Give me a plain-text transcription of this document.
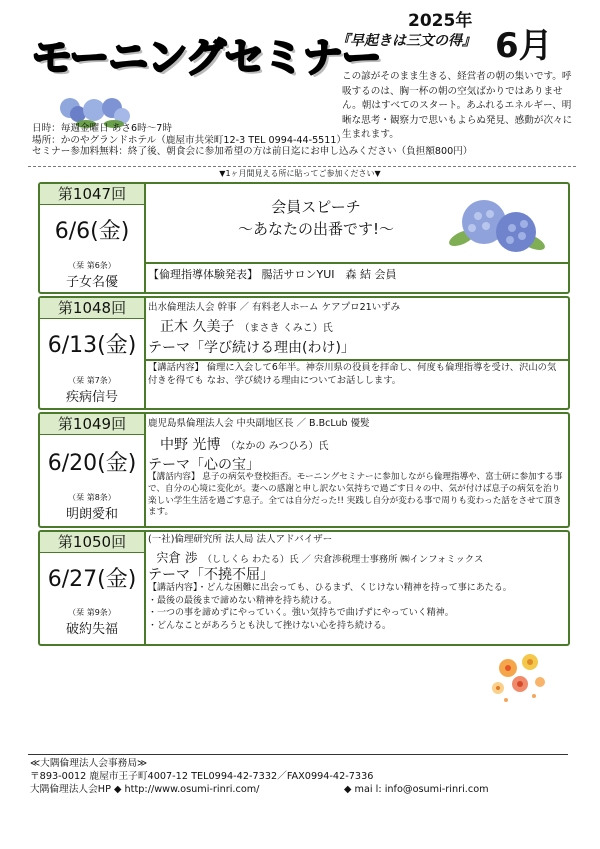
モーニングセミナー
2025年
『早起きは三文の得』 6月
この諺がそのまま生きる、経営者の朝の集いです。呼吸するのは、胸一杯の朝の空気ばかりではありません。朝はすべてのスタート。あふれるエネルギー、明晰な思考・観察力で思いもよらぬ発見、感動が次々に生まれます。
日時：毎週金曜日 あさ6時～7時
場所：かのやグランドホテル（鹿屋市共栄町12-3 TEL 0994-44-5511）
セミナー参加料無料：終了後、朝食会に参加希望の方は前日迄にお申し込みください（負担額800円）
▼1ヶ月間見える所に貼ってご参加ください▼
第1047回
6/6(金)
（栞 第6条）
子女名優
会員スピーチ
～あなたの出番です!～
【倫理指導体験発表】 腸活サロンYUI　森 結 会員
第1048回
6/13(金)
（栞 第7条）
疾病信号
出水倫理法人会 幹事 ／ 有料老人ホーム ケアプロ21いずみ
正木 久美子 （まさき くみこ）氏
テーマ「学び続ける理由(わけ)」
【講話内容】 倫理に入会して6年半。神奈川県の役員を拝命し、何度も倫理指導を受け、沢山の気付きを得ても なお、学び続ける理由についてお話しします。
第1049回
6/20(金)
（栞 第8条）
明朗愛和
鹿児島県倫理法人会 中央副地区長 ／ B.BcLub 優髪
中野 光博 （なかの みつひろ）氏
テーマ「心の宝」
【講話内容】 息子の病気や登校拒否。モーニングセミナーに参加しながら倫理指導や、富士研に参加する事で、自分の心境に変化が。妻への感謝と申し訳ない気持ちで過ごす日々の中、気が付けば息子の病気を治り楽しい学生生活を過ごす息子。全ては自分だった!! 実践し自分が変わる事で周りも変わった話をさせて頂きます。
第1050回
6/27(金)
（栞 第9条）
破約失福
(一社)倫理研究所 法人局 法人アドバイザー
宍倉 渉 （ししくら わたる）氏 ／ 宍倉渉税理士事務所 ㈱インフォミックス
テーマ「不撓不屈」
【講話内容】・どんな困難に出会っても、ひるまず、くじけない精神を持って事にあたる。
・最後の最後まで諦めない精神を持ち続ける。
・一つの事を諦めずにやっていく。強い気持ちで曲げずにやっていく精神。
・どんなことがあろうとも決して挫けない心を持ち続ける。
≪大隅倫理法人会事務局≫
〒893-0012 鹿屋市王子町4007-12 TEL0994-42-7332／FAX0994-42-7336
大隅倫理法人会HP ◆ http://www.osumi-rinri.com/	◆ mai l: info@osumi-rinri.com
